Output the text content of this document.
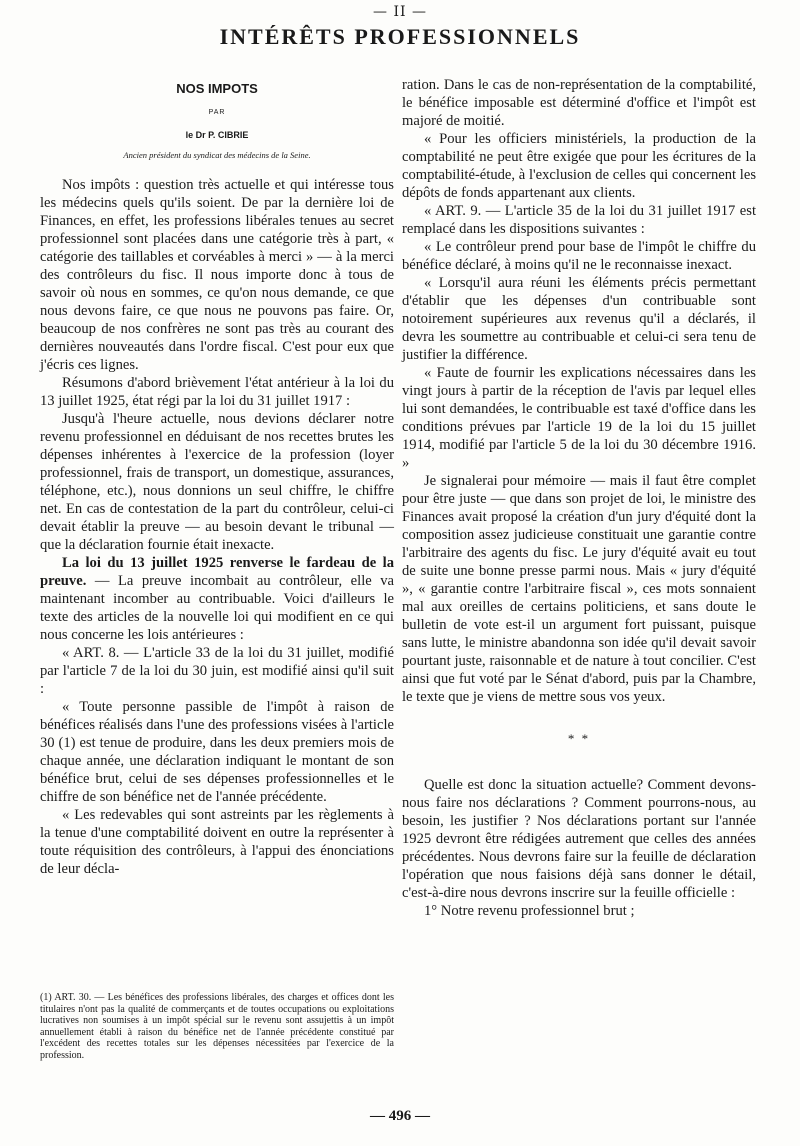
— II —
INTÉRÊTS PROFESSIONNELS

NOS IMPOTS

PAR

le Dr P. CIBRIE

Ancien président du syndicat des médecins de la Seine.

Nos impôts : question très actuelle et qui intéresse tous les médecins quels qu'ils soient. De par la dernière loi de Finances, en effet, les professions libérales tenues au secret professionnel sont placées dans une catégorie très à part, « catégorie des taillables et corvéables à merci » — à la merci des contrôleurs du fisc. Il nous importe donc à tous de savoir où nous en sommes, ce qu'on nous demande, ce que nous devons faire, ce que nous ne pouvons pas faire. Or, beaucoup de nos confrères ne sont pas très au courant des dernières nouveautés dans l'ordre fiscal. C'est pour eux que j'écris ces lignes.

Résumons d'abord brièvement l'état antérieur à la loi du 13 juillet 1925, état régi par la loi du 31 juillet 1917 :

Jusqu'à l'heure actuelle, nous devions déclarer notre revenu professionnel en déduisant de nos recettes brutes les dépenses inhérentes à l'exercice de la profession (loyer professionnel, frais de transport, un domestique, assurances, téléphone, etc.), nous donnions un seul chiffre, le chiffre net. En cas de contestation de la part du contrôleur, celui-ci devait établir la preuve — au besoin devant le tribunal — que la déclaration fournie était inexacte.

La loi du 13 juillet 1925 renverse le fardeau de la preuve. — La preuve incombait au contrôleur, elle va maintenant incomber au contribuable. Voici d'ailleurs le texte des articles de la nouvelle loi qui modifient en ce qui nous concerne les lois antérieures :

« ART. 8. — L'article 33 de la loi du 31 juillet, modifié par l'article 7 de la loi du 30 juin, est modifié ainsi qu'il suit :

« Toute personne passible de l'impôt à raison de bénéfices réalisés dans l'une des professions visées à l'article 30 (1) est tenue de produire, dans les deux premiers mois de chaque année, une déclaration indiquant le montant de son bénéfice brut, celui de ses dépenses professionnelles et le chiffre de son bénéfice net de l'année précédente.

« Les redevables qui sont astreints par les règlements à la tenue d'une comptabilité doivent en outre la représenter à toute réquisition des contrôleurs, à l'appui des énonciations de leur décla-

(1) ART. 30. — Les bénéfices des professions libérales, des charges et offices dont les titulaires n'ont pas la qualité de commerçants et de toutes occupations ou exploitations lucratives non soumises à un impôt spécial sur le revenu sont assujettis à un impôt annuellement établi à raison du bénéfice net de l'année précédente constitué par l'excédent des recettes totales sur les dépenses nécessitées par l'exercice de la profession.

ration. Dans le cas de non-représentation de la comptabilité, le bénéfice imposable est déterminé d'office et l'impôt est majoré de moitié.

« Pour les officiers ministériels, la production de la comptabilité ne peut être exigée que pour les écritures de la comptabilité-étude, à l'exclusion de celles qui concernent les dépôts de fonds appartenant aux clients.

« ART. 9. — L'article 35 de la loi du 31 juillet 1917 est remplacé dans les dispositions suivantes :

« Le contrôleur prend pour base de l'impôt le chiffre du bénéfice déclaré, à moins qu'il ne le reconnaisse inexact.

« Lorsqu'il aura réuni les éléments précis permettant d'établir que les dépenses d'un contribuable sont notoirement supérieures aux revenus qu'il a déclarés, il devra les soumettre au contribuable et celui-ci sera tenu de justifier la différence.

« Faute de fournir les explications nécessaires dans les vingt jours à partir de la réception de l'avis par lequel elles lui sont demandées, le contribuable est taxé d'office dans les conditions prévues par l'article 19 de la loi du 15 juillet 1914, modifié par l'article 5 de la loi du 30 décembre 1916. »

Je signalerai pour mémoire — mais il faut être complet pour être juste — que dans son projet de loi, le ministre des Finances avait proposé la création d'un jury d'équité dont la composition assez judicieuse constituait une garantie contre l'arbitraire des agents du fisc. Le jury d'équité avait eu tout de suite une bonne presse parmi nous. Mais « jury d'équité », « garantie contre l'arbitraire fiscal », ces mots sonnaient mal aux oreilles de certains politiciens, et sans doute le bulletin de vote est-il un argument fort puissant, puisque sans lutte, le ministre abandonna son idée qu'il devait savoir pourtant juste, raisonnable et de nature à tout concilier. C'est ainsi que fut voté par le Sénat d'abord, puis par la Chambre, le texte que je viens de mettre sous vos yeux.

* *

Quelle est donc la situation actuelle? Comment devons-nous faire nos déclarations ? Comment pourrons-nous, au besoin, les justifier ? Nos déclarations portant sur l'année 1925 devront être rédigées autrement que celles des années précédentes. Nous devrons faire sur la feuille de déclaration l'opération que nous faisions déjà sans donner le détail, c'est-à-dire nous devrons inscrire sur la feuille officielle :

1° Notre revenu professionnel brut ;

— 496 —
